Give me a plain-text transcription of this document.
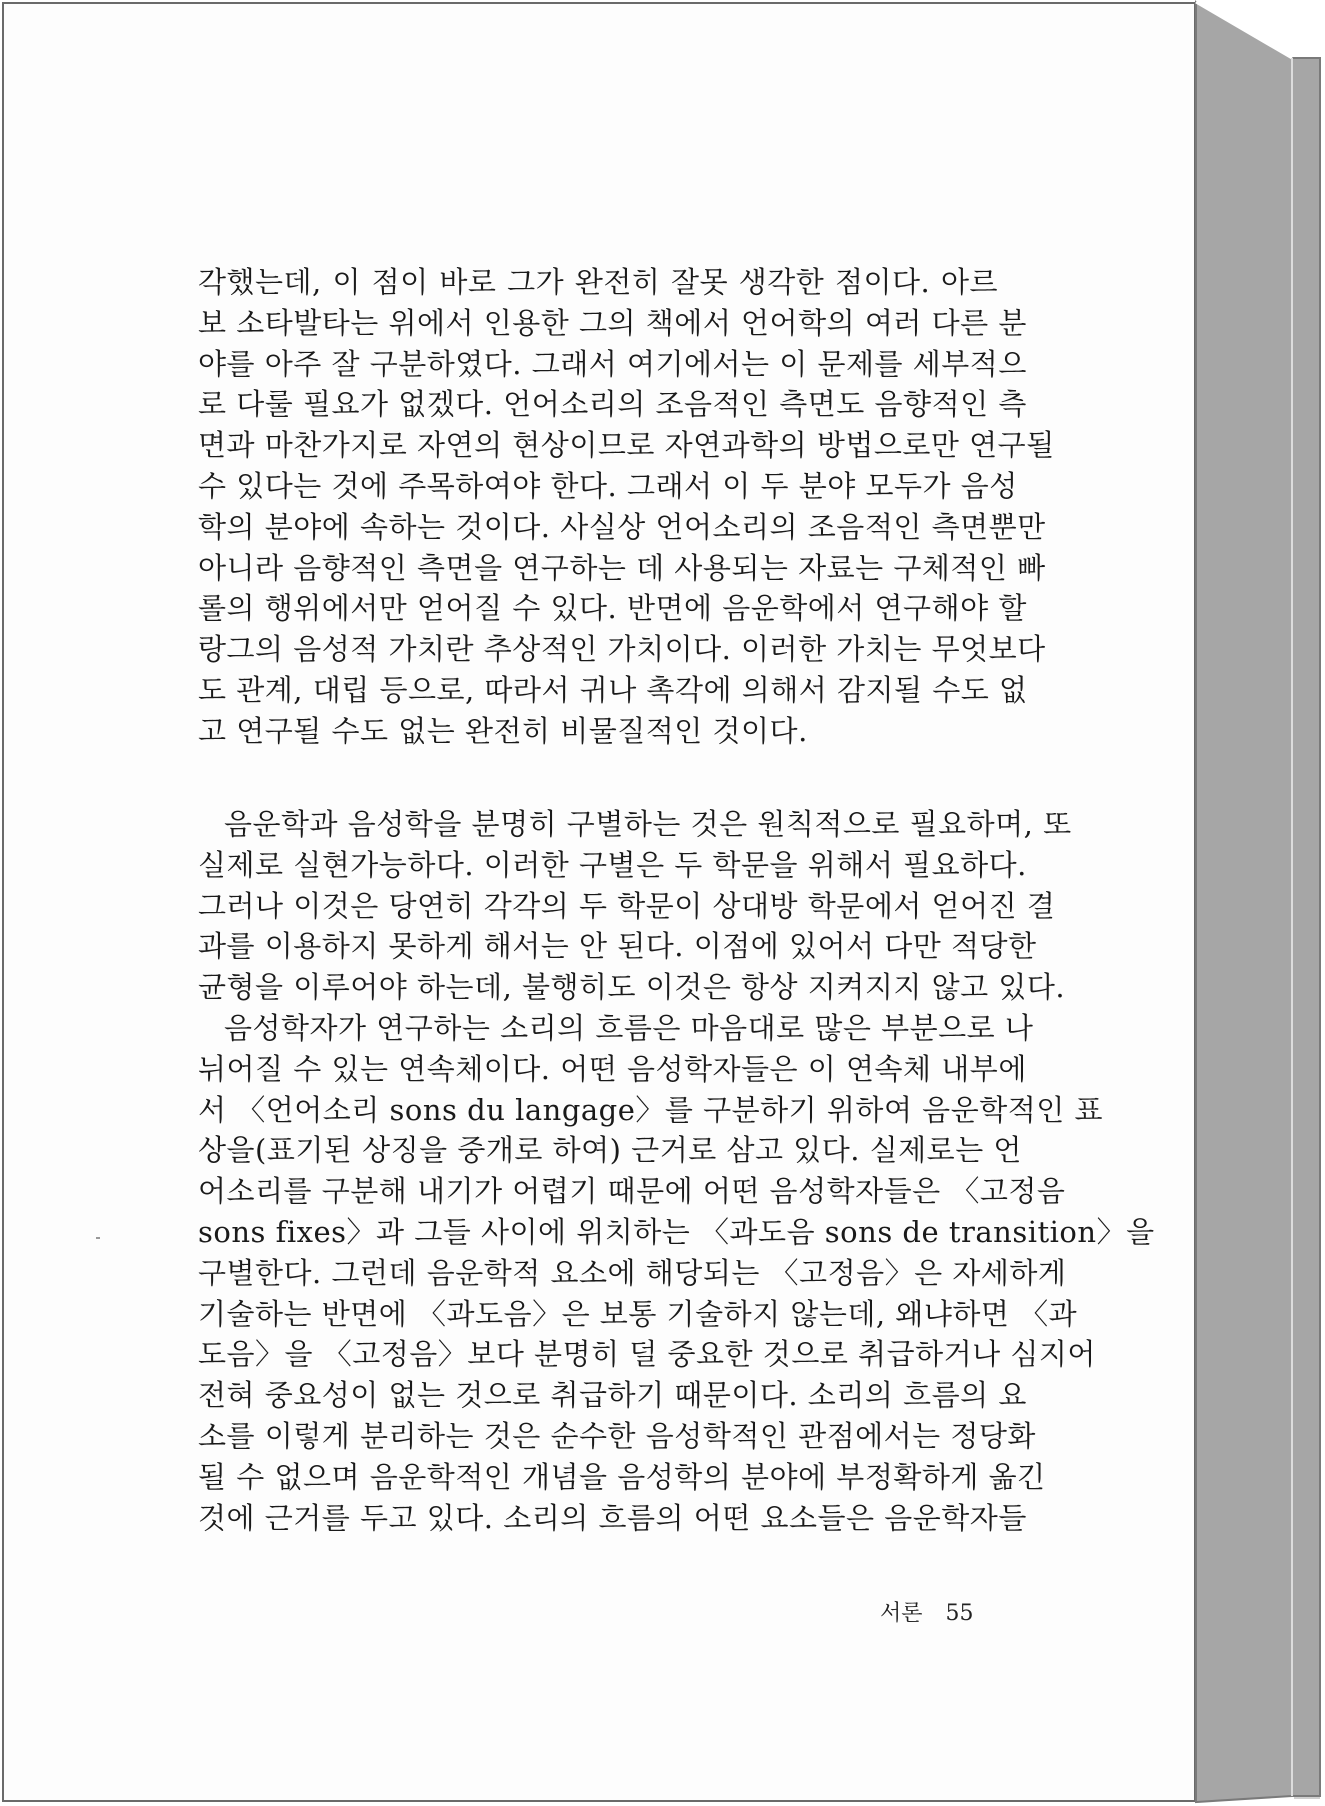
각했는데, 이 점이 바로 그가 완전히 잘못 생각한 점이다. 아르
보 소타발타는 위에서 인용한 그의 책에서 언어학의 여러 다른 분
야를 아주 잘 구분하였다. 그래서 여기에서는 이 문제를 세부적으
로 다룰 필요가 없겠다. 언어소리의 조음적인 측면도 음향적인 측
면과 마찬가지로 자연의 현상이므로 자연과학의 방법으로만 연구될
수 있다는 것에 주목하여야 한다. 그래서 이 두 분야 모두가 음성
학의 분야에 속하는 것이다. 사실상 언어소리의 조음적인 측면뿐만
아니라 음향적인 측면을 연구하는 데 사용되는 자료는 구체적인 빠
롤의 행위에서만 얻어질 수 있다. 반면에 음운학에서 연구해야 할
랑그의 음성적 가치란 추상적인 가치이다. 이러한 가치는 무엇보다
도 관계, 대립 등으로, 따라서 귀나 촉각에 의해서 감지될 수도 없
고 연구될 수도 없는 완전히 비물질적인 것이다.
음운학과 음성학을 분명히 구별하는 것은 원칙적으로 필요하며, 또
실제로 실현가능하다. 이러한 구별은 두 학문을 위해서 필요하다.
그러나 이것은 당연히 각각의 두 학문이 상대방 학문에서 얻어진 결
과를 이용하지 못하게 해서는 안 된다. 이점에 있어서 다만 적당한
균형을 이루어야 하는데, 불행히도 이것은 항상 지켜지지 않고 있다.
음성학자가 연구하는 소리의 흐름은 마음대로 많은 부분으로 나
뉘어질 수 있는 연속체이다. 어떤 음성학자들은 이 연속체 내부에
서 〈언어소리 sons du langage〉를 구분하기 위하여 음운학적인 표
상을(표기된 상징을 중개로 하여) 근거로 삼고 있다. 실제로는 언
어소리를 구분해 내기가 어렵기 때문에 어떤 음성학자들은 〈고정음
sons fixes〉과 그들 사이에 위치하는 〈과도음 sons de transition〉을
구별한다. 그런데 음운학적 요소에 해당되는 〈고정음〉은 자세하게
기술하는 반면에 〈과도음〉은 보통 기술하지 않는데, 왜냐하면 〈과
도음〉을 〈고정음〉보다 분명히 덜 중요한 것으로 취급하거나 심지어
전혀 중요성이 없는 것으로 취급하기 때문이다. 소리의 흐름의 요
소를 이렇게 분리하는 것은 순수한 음성학적인 관점에서는 정당화
될 수 없으며 음운학적인 개념을 음성학의 분야에 부정확하게 옮긴
것에 근거를 두고 있다. 소리의 흐름의 어떤 요소들은 음운학자들
서론 55
